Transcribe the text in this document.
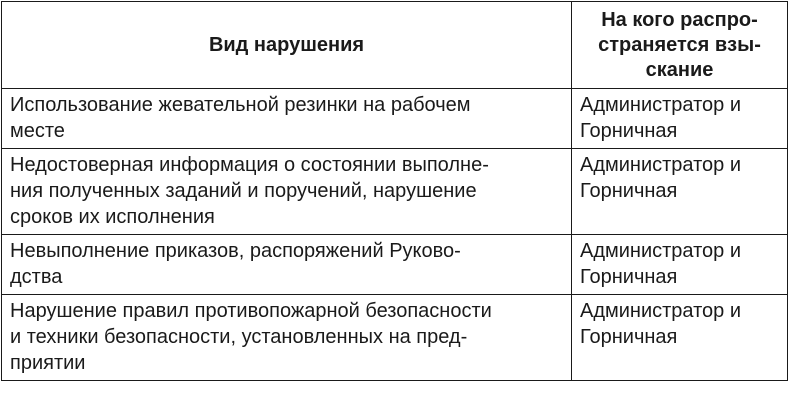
Вид нарушения	На кого распро-
страняется взы-
скание
Использование жевательной резинки на рабочем
месте	Администратор и
Горничная
Недостоверная информация о состоянии выполне-
ния полученных заданий и поручений, нарушение
сроков их исполнения	Администратор и
Горничная
Невыполнение приказов, распоряжений Руково-
дства	Администратор и
Горничная
Нарушение правил противопожарной безопасности
и техники безопасности, установленных на пред-
приятии	Администратор и
Горничная
